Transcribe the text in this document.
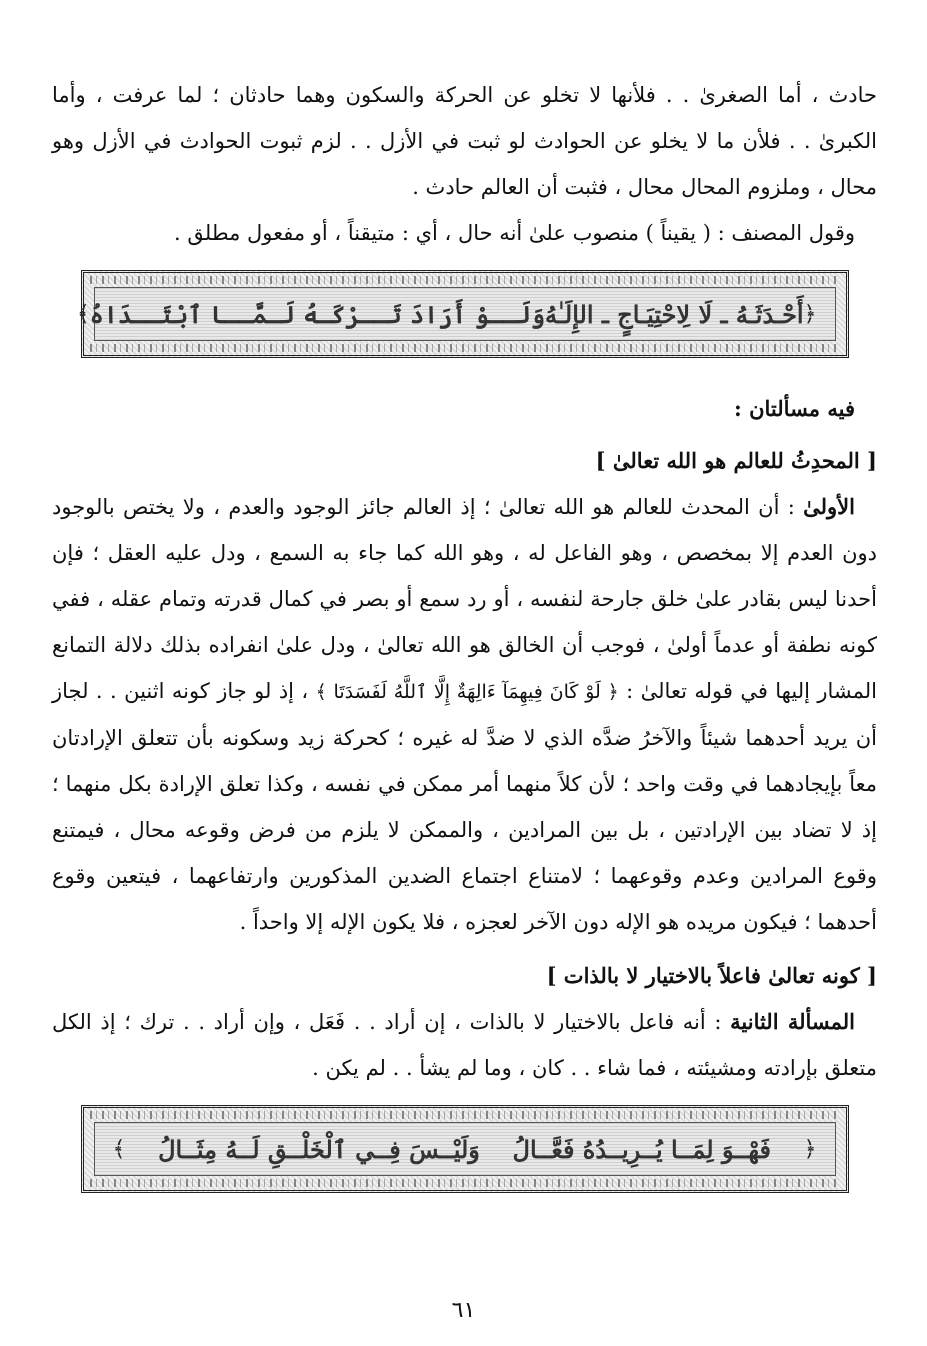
حادث ، أما الصغرىٰ . . فلأنها لا تخلو عن الحركة والسكون وهما حادثان ؛ لما عرفت ، وأما الكبرىٰ . . فلأن ما لا يخلو عن الحوادث لو ثبت في الأزل . . لزم ثبوت الحوادث في الأزل وهو محال ، وملزوم المحال محال ، فثبت أن العالم حادث .

وقول المصنف : ( يقيناً ) منصوب علىٰ أنه حال ، أي : متيقناً ، أو مفعول مطلق .

﴿
أَحْـدَثَـهُ ـ لَا لِاحْتِيَـاجٍ ـ الإِلَـٰهُ
وَلَــوْ أَرَادَ تَــرْكَـهُ لَـمَّــا ٱبْتَــدَاهُ
﴾

فيه مسألتان :

[ المحدِثُ للعالم هو الله تعالىٰ ]

الأولىٰ : أن المحدث للعالم هو الله تعالىٰ ؛ إذ العالم جائز الوجود والعدم ، ولا يختص بالوجود دون العدم إلا بمخصص ، وهو الفاعل له ، وهو الله كما جاء به السمع ، ودل عليه العقل ؛ فإن أحدنا ليس بقادر علىٰ خلق جارحة لنفسه ، أو رد سمع أو بصر في كمال قدرته وتمام عقله ، ففي كونه نطفة أو عدماً أولىٰ ، فوجب أن الخالق هو الله تعالىٰ ، ودل علىٰ انفراده بذلك دلالة التمانع المشار إليها في قوله تعالىٰ : ﴿ لَوْ كَانَ فِيهِمَآ ءَالِهَةٌ إِلَّا ٱللَّهُ لَفَسَدَتَا ﴾ ، إذ لو جاز كونه اثنين . . لجاز أن يريد أحدهما شيئاً والآخرُ ضدَّه الذي لا ضدَّ له غيره ؛ كحركة زيد وسكونه بأن تتعلق الإرادتان معاً بإيجادهما في وقت واحد ؛ لأن كلاً منهما أمر ممكن في نفسه ، وكذا تعلق الإرادة بكل منهما ؛ إذ لا تضاد بين الإرادتين ، بل بين المرادين ، والممكن لا يلزم من فرض وقوعه محال ، فيمتنع وقوع المرادين وعدم وقوعهما ؛ لامتناع اجتماع الضدين المذكورين وارتفاعهما ، فيتعين وقوع أحدهما ؛ فيكون مريده هو الإله دون الآخر لعجزه ، فلا يكون الإله إلا واحداً .

[ كونه تعالىٰ فاعلاً بالاختيار لا بالذات ]

المسألة الثانية : أنه فاعل بالاختيار لا بالذات ، إن أراد . . فَعَل ، وإن أراد . . ترك ؛ إذ الكل متعلق بإرادته ومشيئته ، فما شاء . . كان ، وما لم يشأ . . لم يكن .

﴿
فَهْــوَ لِمَــا يُــرِيــدُهُ فَعَّــالُ
وَلَيْــسَ فِــي ٱلْخَلْــقِ لَــهُ مِثَــالُ
﴾
٦١
